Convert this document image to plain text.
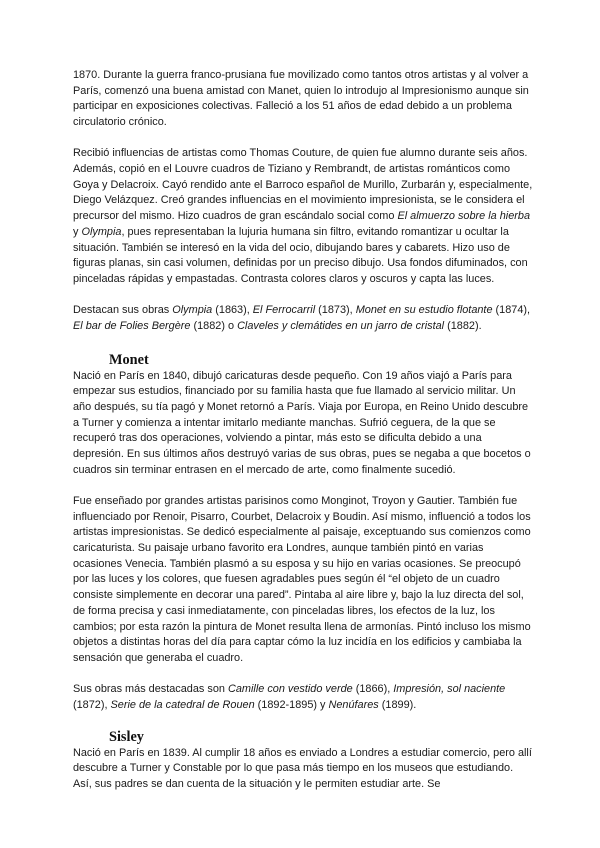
1870. Durante la guerra franco-prusiana fue movilizado como tantos otros artistas y al volver a París, comenzó una buena amistad con Manet, quien lo introdujo al Impresionismo aunque sin participar en exposiciones colectivas. Falleció a los 51 años de edad debido a un problema circulatorio crónico.

Recibió influencias de artistas como Thomas Couture, de quien fue alumno durante seis años. Además, copió en el Louvre cuadros de Tiziano y Rembrandt, de artistas románticos como Goya y Delacroix. Cayó rendido ante el Barroco español de Murillo, Zurbarán y, especialmente, Diego Velázquez. Creó grandes influencias en el movimiento impresionista, se le considera el precursor del mismo. Hizo cuadros de gran escándalo social como El almuerzo sobre la hierba y Olympia, pues representaban la lujuria humana sin filtro, evitando romantizar u ocultar la situación. También se interesó en la vida del ocio, dibujando bares y cabarets. Hizo uso de figuras planas, sin casi volumen, definidas por un preciso dibujo. Usa fondos difuminados, con pinceladas rápidas y empastadas. Contrasta colores claros y oscuros y capta las luces.

Destacan sus obras Olympia (1863), El Ferrocarril (1873), Monet en su estudio flotante (1874), El bar de Folies Bergère (1882) o Claveles y clemátides en un jarro de cristal (1882).

Monet

Nació en París en 1840, dibujó caricaturas desde pequeño. Con 19 años viajó a París para empezar sus estudios, financiado por su familia hasta que fue llamado al servicio militar. Un año después, su tía pagó y Monet retornó a París. Viaja por Europa, en Reino Unido descubre a Turner y comienza a intentar imitarlo mediante manchas. Sufrió ceguera, de la que se recuperó tras dos operaciones, volviendo a pintar, más esto se dificulta debido a una depresión. En sus últimos años destruyó varias de sus obras, pues se negaba a que bocetos o cuadros sin terminar entrasen en el mercado de arte, como finalmente sucedió.

Fue enseñado por grandes artistas parisinos como Monginot, Troyon y Gautier. También fue influenciado por Renoir, Pisarro, Courbet, Delacroix y Boudin. Así mismo, influenció a todos los artistas impresionistas. Se dedicó especialmente al paisaje, exceptuando sus comienzos como caricaturista. Su paisaje urbano favorito era Londres, aunque también pintó en varias ocasiones Venecia. También plasmó a su esposa y su hijo en varias ocasiones. Se preocupó por las luces y los colores, que fuesen agradables pues según él “el objeto de un cuadro consiste simplemente en decorar una pared”. Pintaba al aire libre y, bajo la luz directa del sol, de forma precisa y casi inmediatamente, con pinceladas libres, los efectos de la luz, los cambios; por esta razón la pintura de Monet resulta llena de armonías. Pintó incluso los mismo objetos a distintas horas del día para captar cómo la luz incidía en los edificios y cambiaba la sensación que generaba el cuadro.

Sus obras más destacadas son Camille con vestido verde (1866), Impresión, sol naciente (1872), Serie de la catedral de Rouen (1892-1895) y Nenúfares (1899).

Sisley

Nació en París en 1839. Al cumplir 18 años es enviado a Londres a estudiar comercio, pero allí descubre a Turner y Constable por lo que pasa más tiempo en los museos que estudiando. Así, sus padres se dan cuenta de la situación y le permiten estudiar arte. Se
